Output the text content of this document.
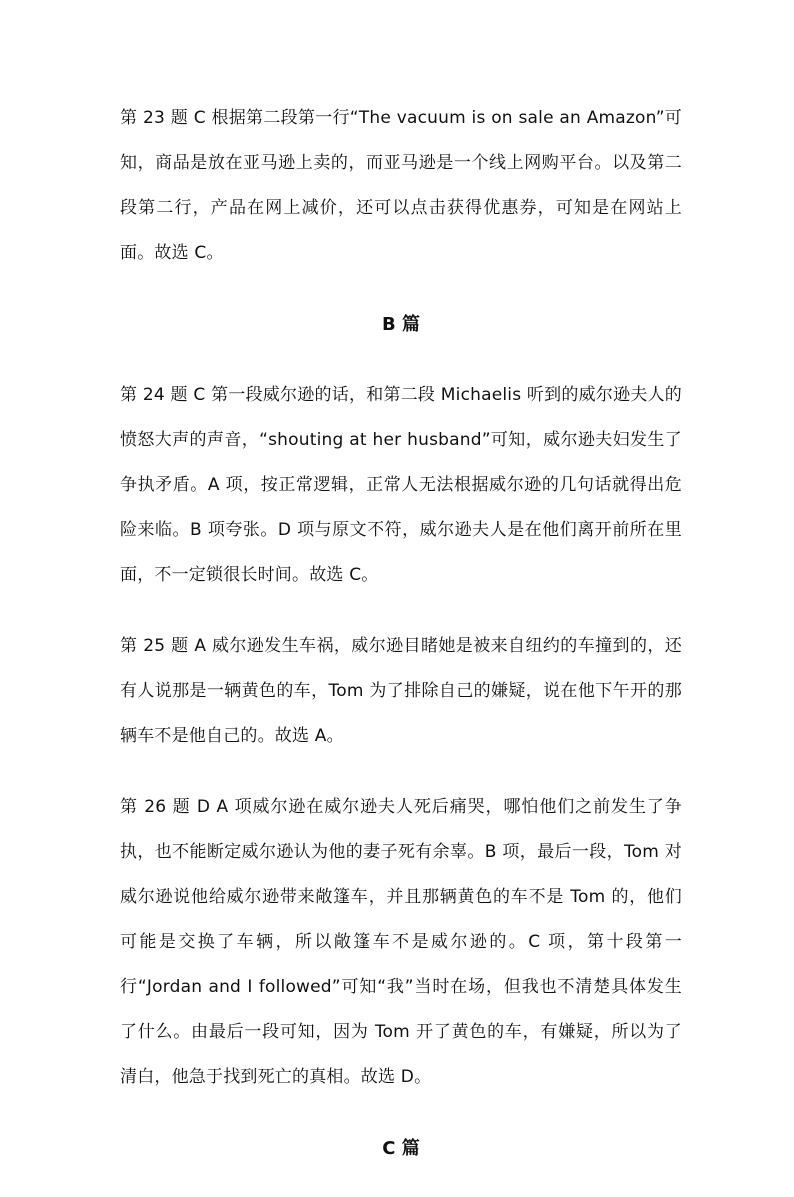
第 23 题 C 根据第二段第一行“The vacuum is on sale an Amazon”可知，商品是放在亚马逊上卖的，而亚马逊是一个线上网购平台。以及第二段第二行，产品在网上减价，还可以点击获得优惠券，可知是在网站上面。故选 C。

B 篇

第 24 题 C 第一段威尔逊的话，和第二段 Michaelis 听到的威尔逊夫人的愤怒大声的声音，“shouting at her husband”可知，威尔逊夫妇发生了争执矛盾。A 项，按正常逻辑，正常人无法根据威尔逊的几句话就得出危险来临。B 项夸张。D 项与原文不符，威尔逊夫人是在他们离开前所在里面，不一定锁很长时间。故选 C。

第 25 题 A 威尔逊发生车祸，威尔逊目睹她是被来自纽约的车撞到的，还有人说那是一辆黄色的车，Tom 为了排除自己的嫌疑，说在他下午开的那辆车不是他自己的。故选 A。

第 26 题 D A 项威尔逊在威尔逊夫人死后痛哭，哪怕他们之前发生了争执，也不能断定威尔逊认为他的妻子死有余辜。B 项，最后一段，Tom 对威尔逊说他给威尔逊带来敞篷车，并且那辆黄色的车不是 Tom 的，他们可能是交换了车辆，所以敞篷车不是威尔逊的。C 项，第十段第一行“Jordan and I followed”可知“我”当时在场，但我也不清楚具体发生了什么。由最后一段可知，因为 Tom 开了黄色的车，有嫌疑，所以为了清白，他急于找到死亡的真相。故选 D。

C 篇
